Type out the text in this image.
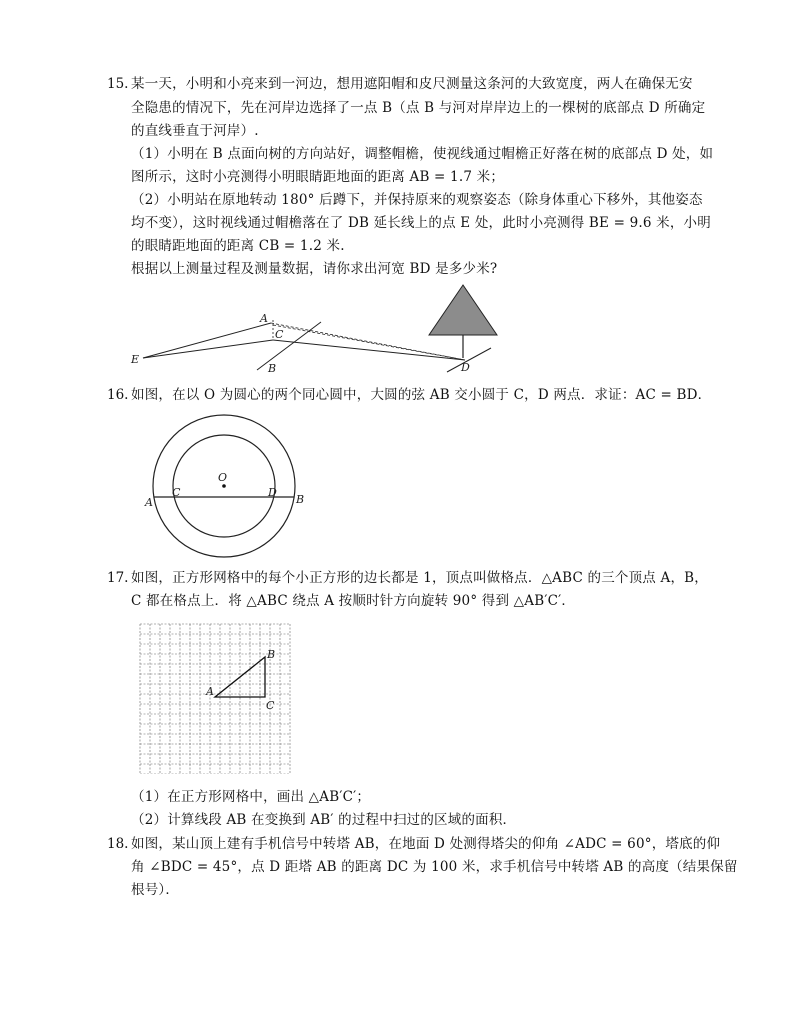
15. 某一天，小明和小亮来到一河边，想用遮阳帽和皮尺测量这条河的大致宽度，两人在确保无安
全隐患的情况下，先在河岸边选择了一点 B（点 B 与河对岸岸边上的一棵树的底部点 D 所确定
的直线垂直于河岸）.
（1）小明在 B 点面向树的方向站好，调整帽檐，使视线通过帽檐正好落在树的底部点 D 处，如
图所示，这时小亮测得小明眼睛距地面的距离 AB = 1.7 米；
（2）小明站在原地转动 180° 后蹲下，并保持原来的观察姿态（除身体重心下移外，其他姿态
均不变），这时视线通过帽檐落在了 DB 延长线上的点 E 处，此时小亮测得 BE = 9.6 米，小明
的眼睛距地面的距离 CB = 1.2 米.
根据以上测量过程及测量数据，请你求出河宽 BD 是多少米?
A
C
E
B	D
16. 如图，在以 O 为圆心的两个同心圆中，大圆的弦 AB 交小圆于 C，D 两点．求证：AC = BD．
O
A
C	D
B
17. 如图，正方形网格中的每个小正方形的边长都是 1，顶点叫做格点．△ABC 的三个顶点 A，B，
C 都在格点上．将 △ABC 绕点 A 按顺时针方向旋转 90° 得到 △AB′C′．
A
B
C
（1）在正方形网格中，画出 △AB′C′；
（2）计算线段 AB 在变换到 AB′ 的过程中扫过的区域的面积．
18. 如图，某山顶上建有手机信号中转塔 AB，在地面 D 处测得塔尖的仰角 ∠ADC = 60°，塔底的仰
角 ∠BDC = 45°，点 D 距塔 AB 的距离 DC 为 100 米，求手机信号中转塔 AB 的高度（结果保留
根号）．
